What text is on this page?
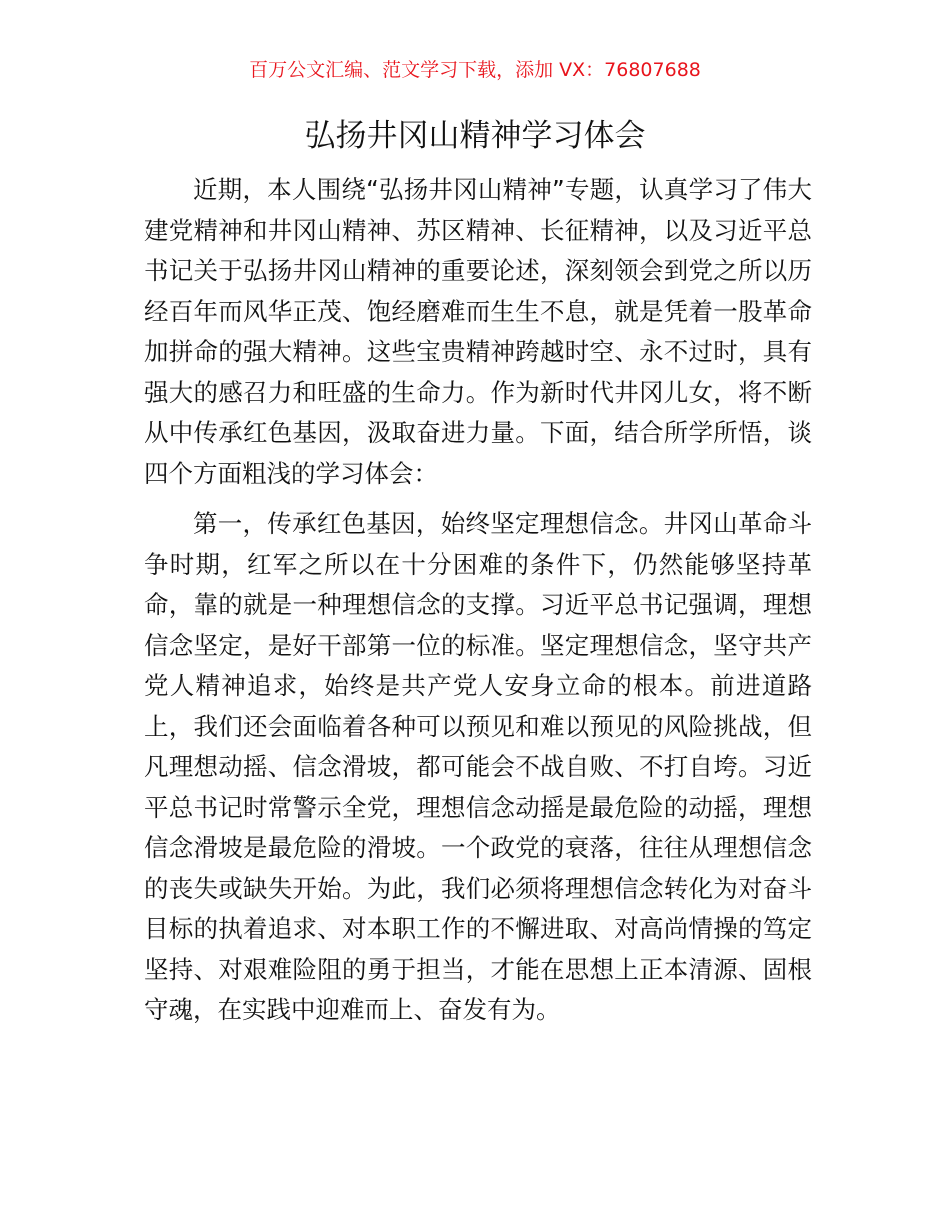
百万公文汇编、范文学习下载，添加 VX：76807688
弘扬井冈山精神学习体会

近期，本人围绕“弘扬井冈山精神”专题，认真学习了伟大建党精神和井冈山精神、苏区精神、长征精神，以及习近平总书记关于弘扬井冈山精神的重要论述，深刻领会到党之所以历经百年而风华正茂、饱经磨难而生生不息，就是凭着一股革命加拼命的强大精神。这些宝贵精神跨越时空、永不过时，具有强大的感召力和旺盛的生命力。作为新时代井冈儿女，将不断从中传承红色基因，汲取奋进力量。下面，结合所学所悟，谈四个方面粗浅的学习体会：

第一，传承红色基因，始终坚定理想信念。井冈山革命斗争时期，红军之所以在十分困难的条件下，仍然能够坚持革命，靠的就是一种理想信念的支撑。习近平总书记强调，理想信念坚定，是好干部第一位的标准。坚定理想信念，坚守共产党人精神追求，始终是共产党人安身立命的根本。前进道路上，我们还会面临着各种可以预见和难以预见的风险挑战，但凡理想动摇、信念滑坡，都可能会不战自败、不打自垮。习近平总书记时常警示全党，理想信念动摇是最危险的动摇，理想信念滑坡是最危险的滑坡。一个政党的衰落，往往从理想信念的丧失或缺失开始。为此，我们必须将理想信念转化为对奋斗目标的执着追求、对本职工作的不懈进取、对高尚情操的笃定坚持、对艰难险阻的勇于担当，才能在思想上正本清源、固根守魂，在实践中迎难而上、奋发有为。
